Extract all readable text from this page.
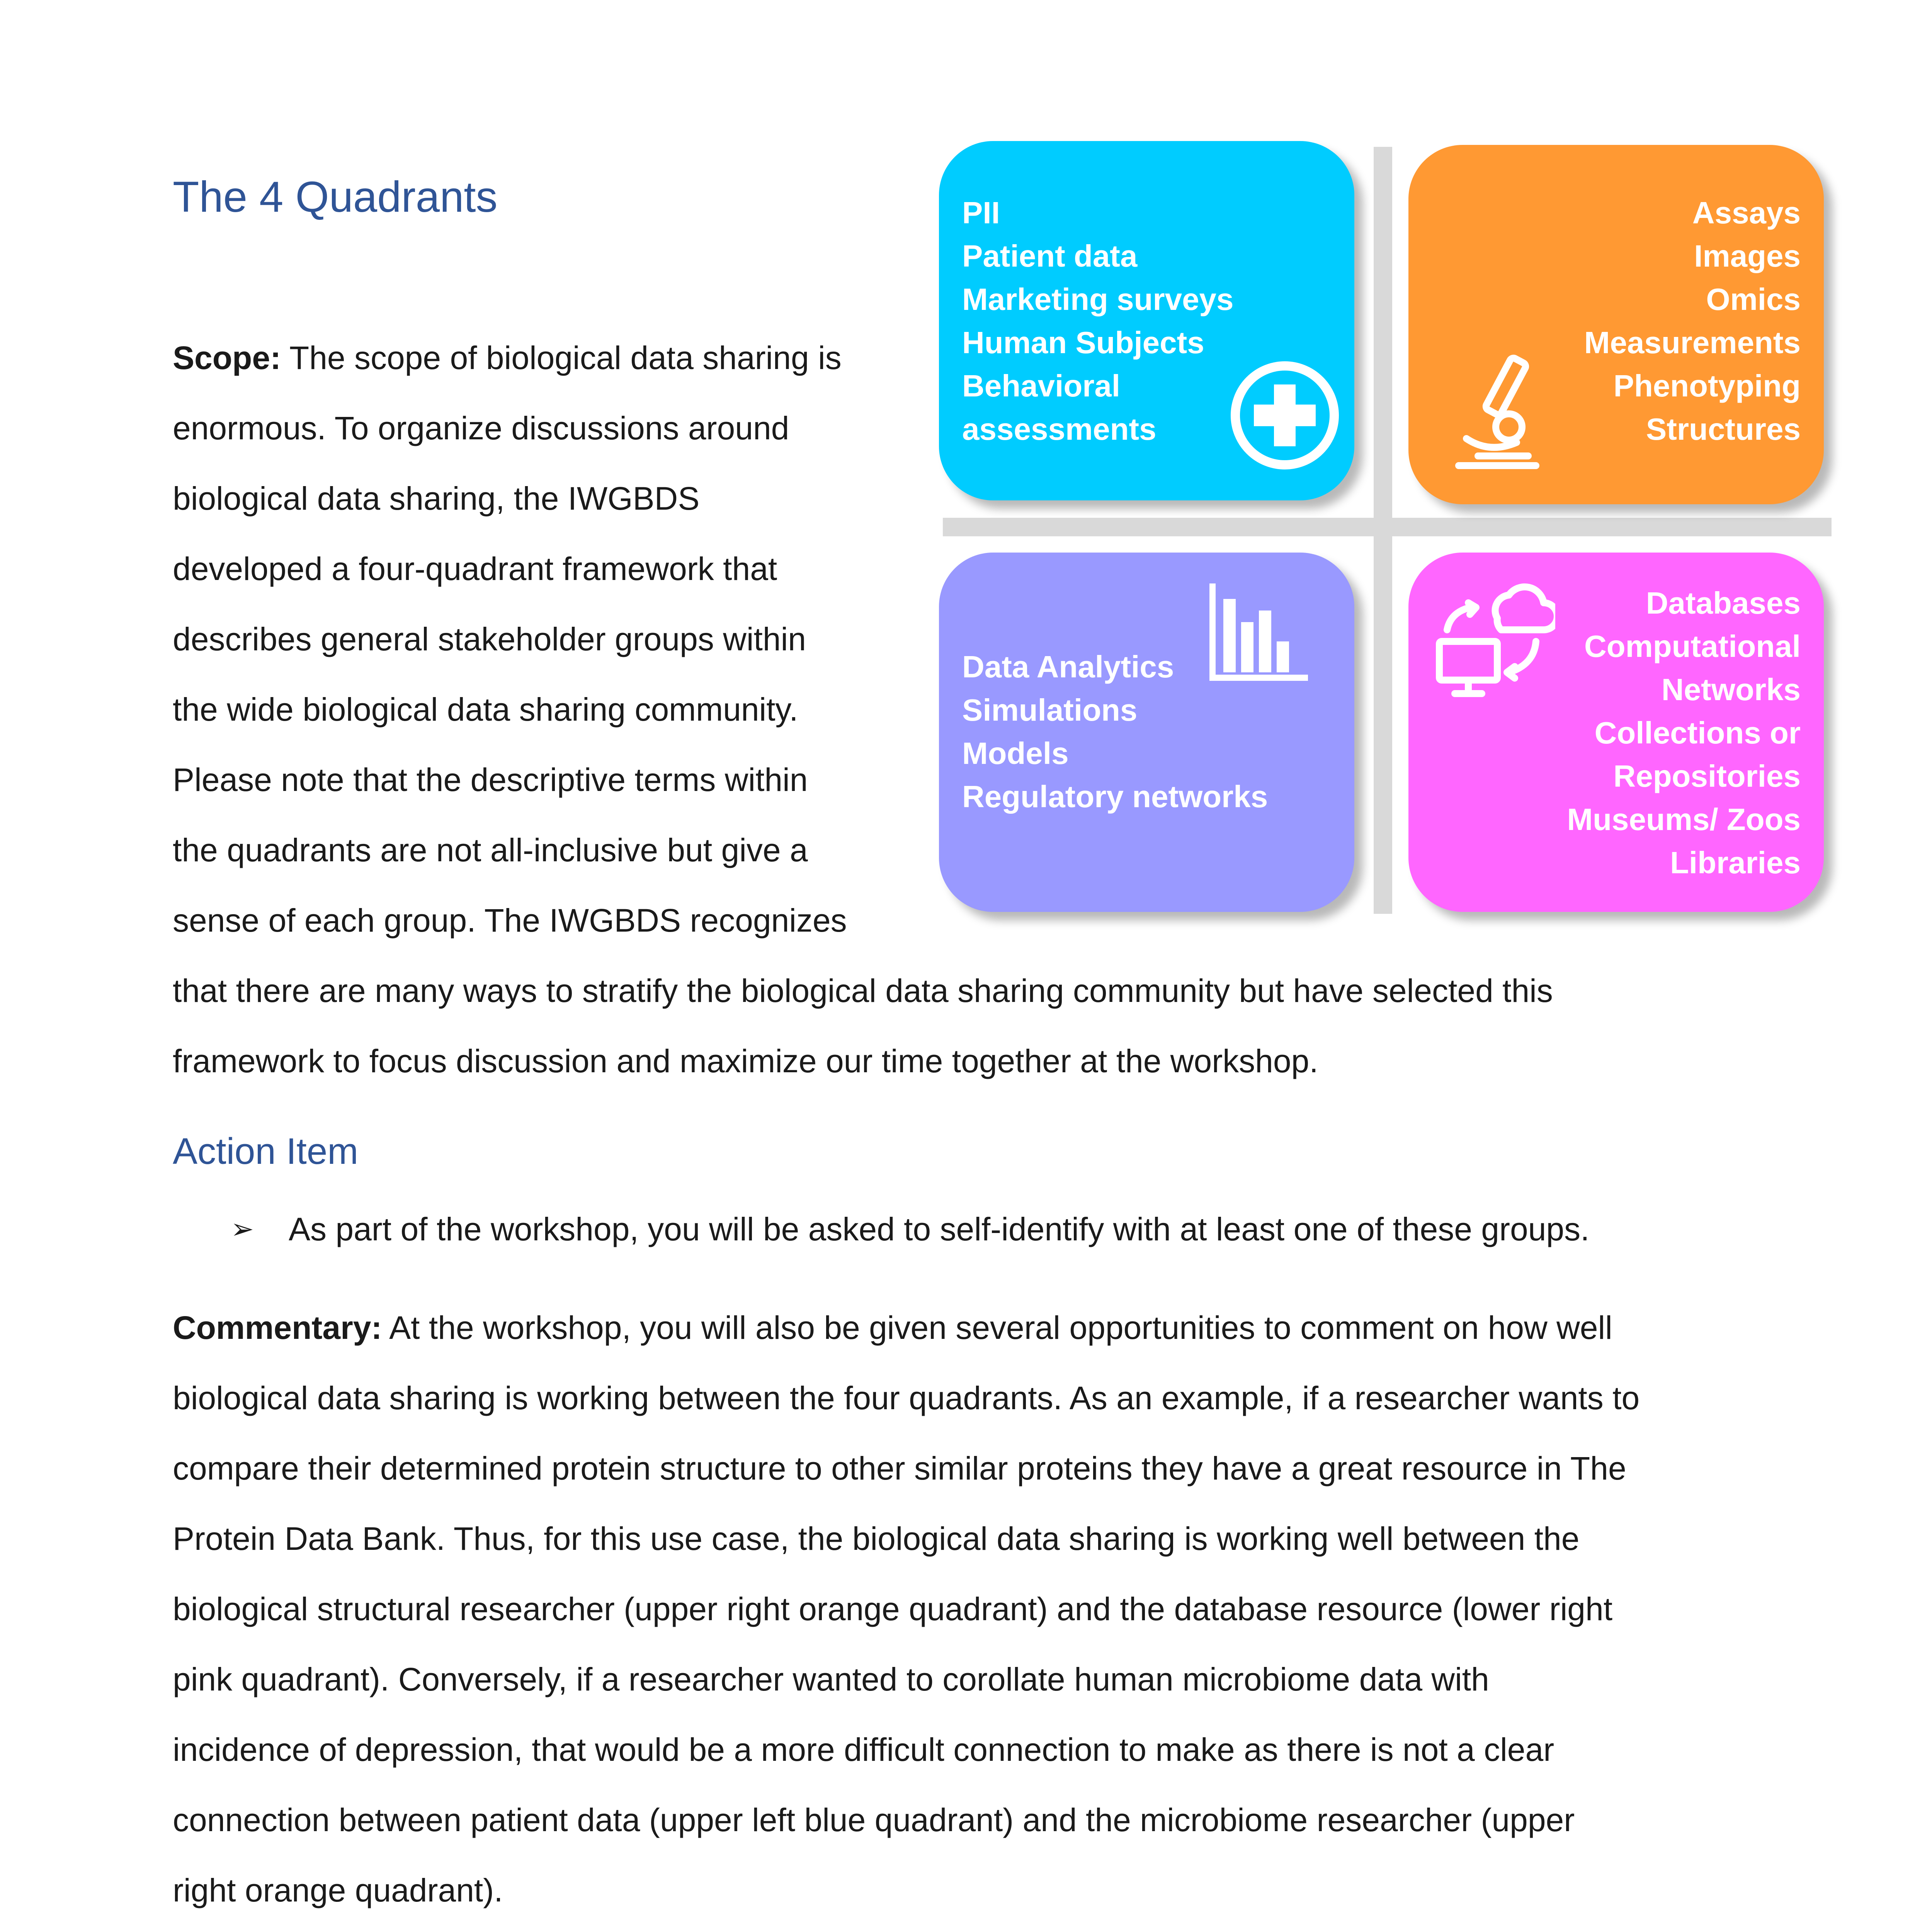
The 4 Quadrants
Scope: The scope of biological data sharing is
enormous. To organize discussions around
biological data sharing, the IWGBDS
developed a four-quadrant framework that
describes general stakeholder groups within
the wide biological data sharing community.
Please note that the descriptive terms within
the quadrants are not all-inclusive but give a
sense of each group. The IWGBDS recognizes
that there are many ways to stratify the biological data sharing community but have selected this
framework to focus discussion and maximize our time together at the workshop.
PII
Patient data
Marketing surveys
Human Subjects
Behavioral
assessments
Assays
Images
Omics
Measurements
Phenotyping
Structures
Data Analytics
Simulations
Models
Regulatory networks
Databases
Computational
Networks
Collections or
Repositories
Museums/ Zoos
Libraries
Action Item
➢	As part of the workshop, you will be asked to self-identify with at least one of these groups.
Commentary: At the workshop, you will also be given several opportunities to comment on how well
biological data sharing is working between the four quadrants. As an example, if a researcher wants to
compare their determined protein structure to other similar proteins they have a great resource in The
Protein Data Bank. Thus, for this use case, the biological data sharing is working well between the
biological structural researcher (upper right orange quadrant) and the database resource (lower right
pink quadrant). Conversely, if a researcher wanted to corollate human microbiome data with
incidence of depression, that would be a more difficult connection to make as there is not a clear
connection between patient data (upper left blue quadrant) and the microbiome researcher (upper
right orange quadrant).
